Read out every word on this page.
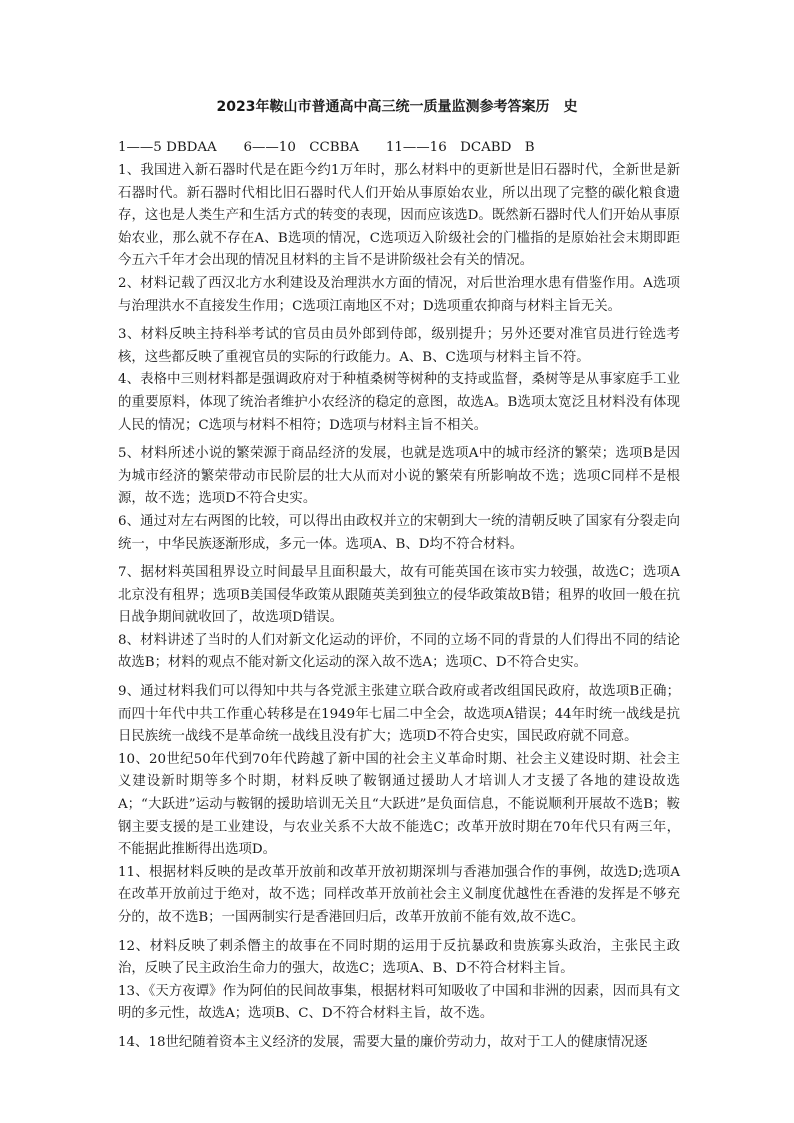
2023年鞍山市普通高中高三统一质量监测参考答案历　史
1——5 DBDAA　　6——10　CCBBA　　11——16　DCABD　B

1、我国进入新石器时代是在距今约1万年时，那么材料中的更新世是旧石器时代，全新世是新石器时代。新石器时代相比旧石器时代人们开始从事原始农业，所以出现了完整的碳化粮食遗存，这也是人类生产和生活方式的转变的表现，因而应该选D。既然新石器时代人们开始从事原始农业，那么就不存在A、B选项的情况，C选项迈入阶级社会的门槛指的是原始社会末期即距今五六千年才会出现的情况且材料的主旨不是讲阶级社会有关的情况。

2、材料记载了西汉北方水利建设及治理洪水方面的情况，对后世治理水患有借鉴作用。A选项与治理洪水不直接发生作用；C选项江南地区不对；D选项重农抑商与材料主旨无关。

3、材料反映主持科举考试的官员由员外郎到侍郎，级别提升；另外还要对准官员进行铨选考核，这些都反映了重视官员的实际的行政能力。A、B、C选项与材料主旨不符。

4、表格中三则材料都是强调政府对于种植桑树等树种的支持或监督，桑树等是从事家庭手工业的重要原料，体现了统治者维护小农经济的稳定的意图，故选A。B选项太宽泛且材料没有体现人民的情况；C选项与材料不相符；D选项与材料主旨不相关。

5、材料所述小说的繁荣源于商品经济的发展，也就是选项A中的城市经济的繁荣；选项B是因为城市经济的繁荣带动市民阶层的壮大从而对小说的繁荣有所影响故不选；选项C同样不是根源，故不选；选项D不符合史实。

6、通过对左右两图的比较，可以得出由政权并立的宋朝到大一统的清朝反映了国家有分裂走向统一，中华民族逐渐形成，多元一体。选项A、B、D均不符合材料。

7、据材料英国租界设立时间最早且面积最大，故有可能英国在该市实力较强，故选C；选项A北京没有租界；选项B美国侵华政策从跟随英美到独立的侵华政策故B错；租界的收回一般在抗日战争期间就收回了，故选项D错误。

8、材料讲述了当时的人们对新文化运动的评价，不同的立场不同的背景的人们得出不同的结论故选B；材料的观点不能对新文化运动的深入故不选A；选项C、D不符合史实。

9、通过材料我们可以得知中共与各党派主张建立联合政府或者改组国民政府，故选项B正确；而四十年代中共工作重心转移是在1949年七届二中全会，故选项A错误；44年时统一战线是抗日民族统一战线不是革命统一战线且没有扩大；选项D不符合史实，国民政府就不同意。

10、20世纪50年代到70年代跨越了新中国的社会主义革命时期、社会主义建设时期、社会主义建设新时期等多个时期，材料反映了鞍钢通过援助人才培训人才支援了各地的建设故选A；“大跃进”运动与鞍钢的援助培训无关且“大跃进”是负面信息，不能说顺利开展故不选B；鞍钢主要支援的是工业建设，与农业关系不大故不能选C；改革开放时期在70年代只有两三年，不能据此推断得出选项D。

11、根据材料反映的是改革开放前和改革开放初期深圳与香港加强合作的事例，故选D;选项A在改革开放前过于绝对，故不选；同样改革开放前社会主义制度优越性在香港的发挥是不够充分的，故不选B；一国两制实行是香港回归后，改革开放前不能有效,故不选C。

12、材料反映了剌杀僭主的故事在不同时期的运用于反抗暴政和贵族寡头政治，主张民主政治，反映了民主政治生命力的强大，故选C；选项A、B、D不符合材料主旨。

13、《天方夜谭》作为阿伯的民间故事集，根据材料可知吸收了中国和非洲的因素，因而具有文明的多元性，故选A；选项B、C、D不符合材料主旨，故不选。

14、18世纪随着资本主义经济的发展，需要大量的廉价劳动力，故对于工人的健康情况逐
